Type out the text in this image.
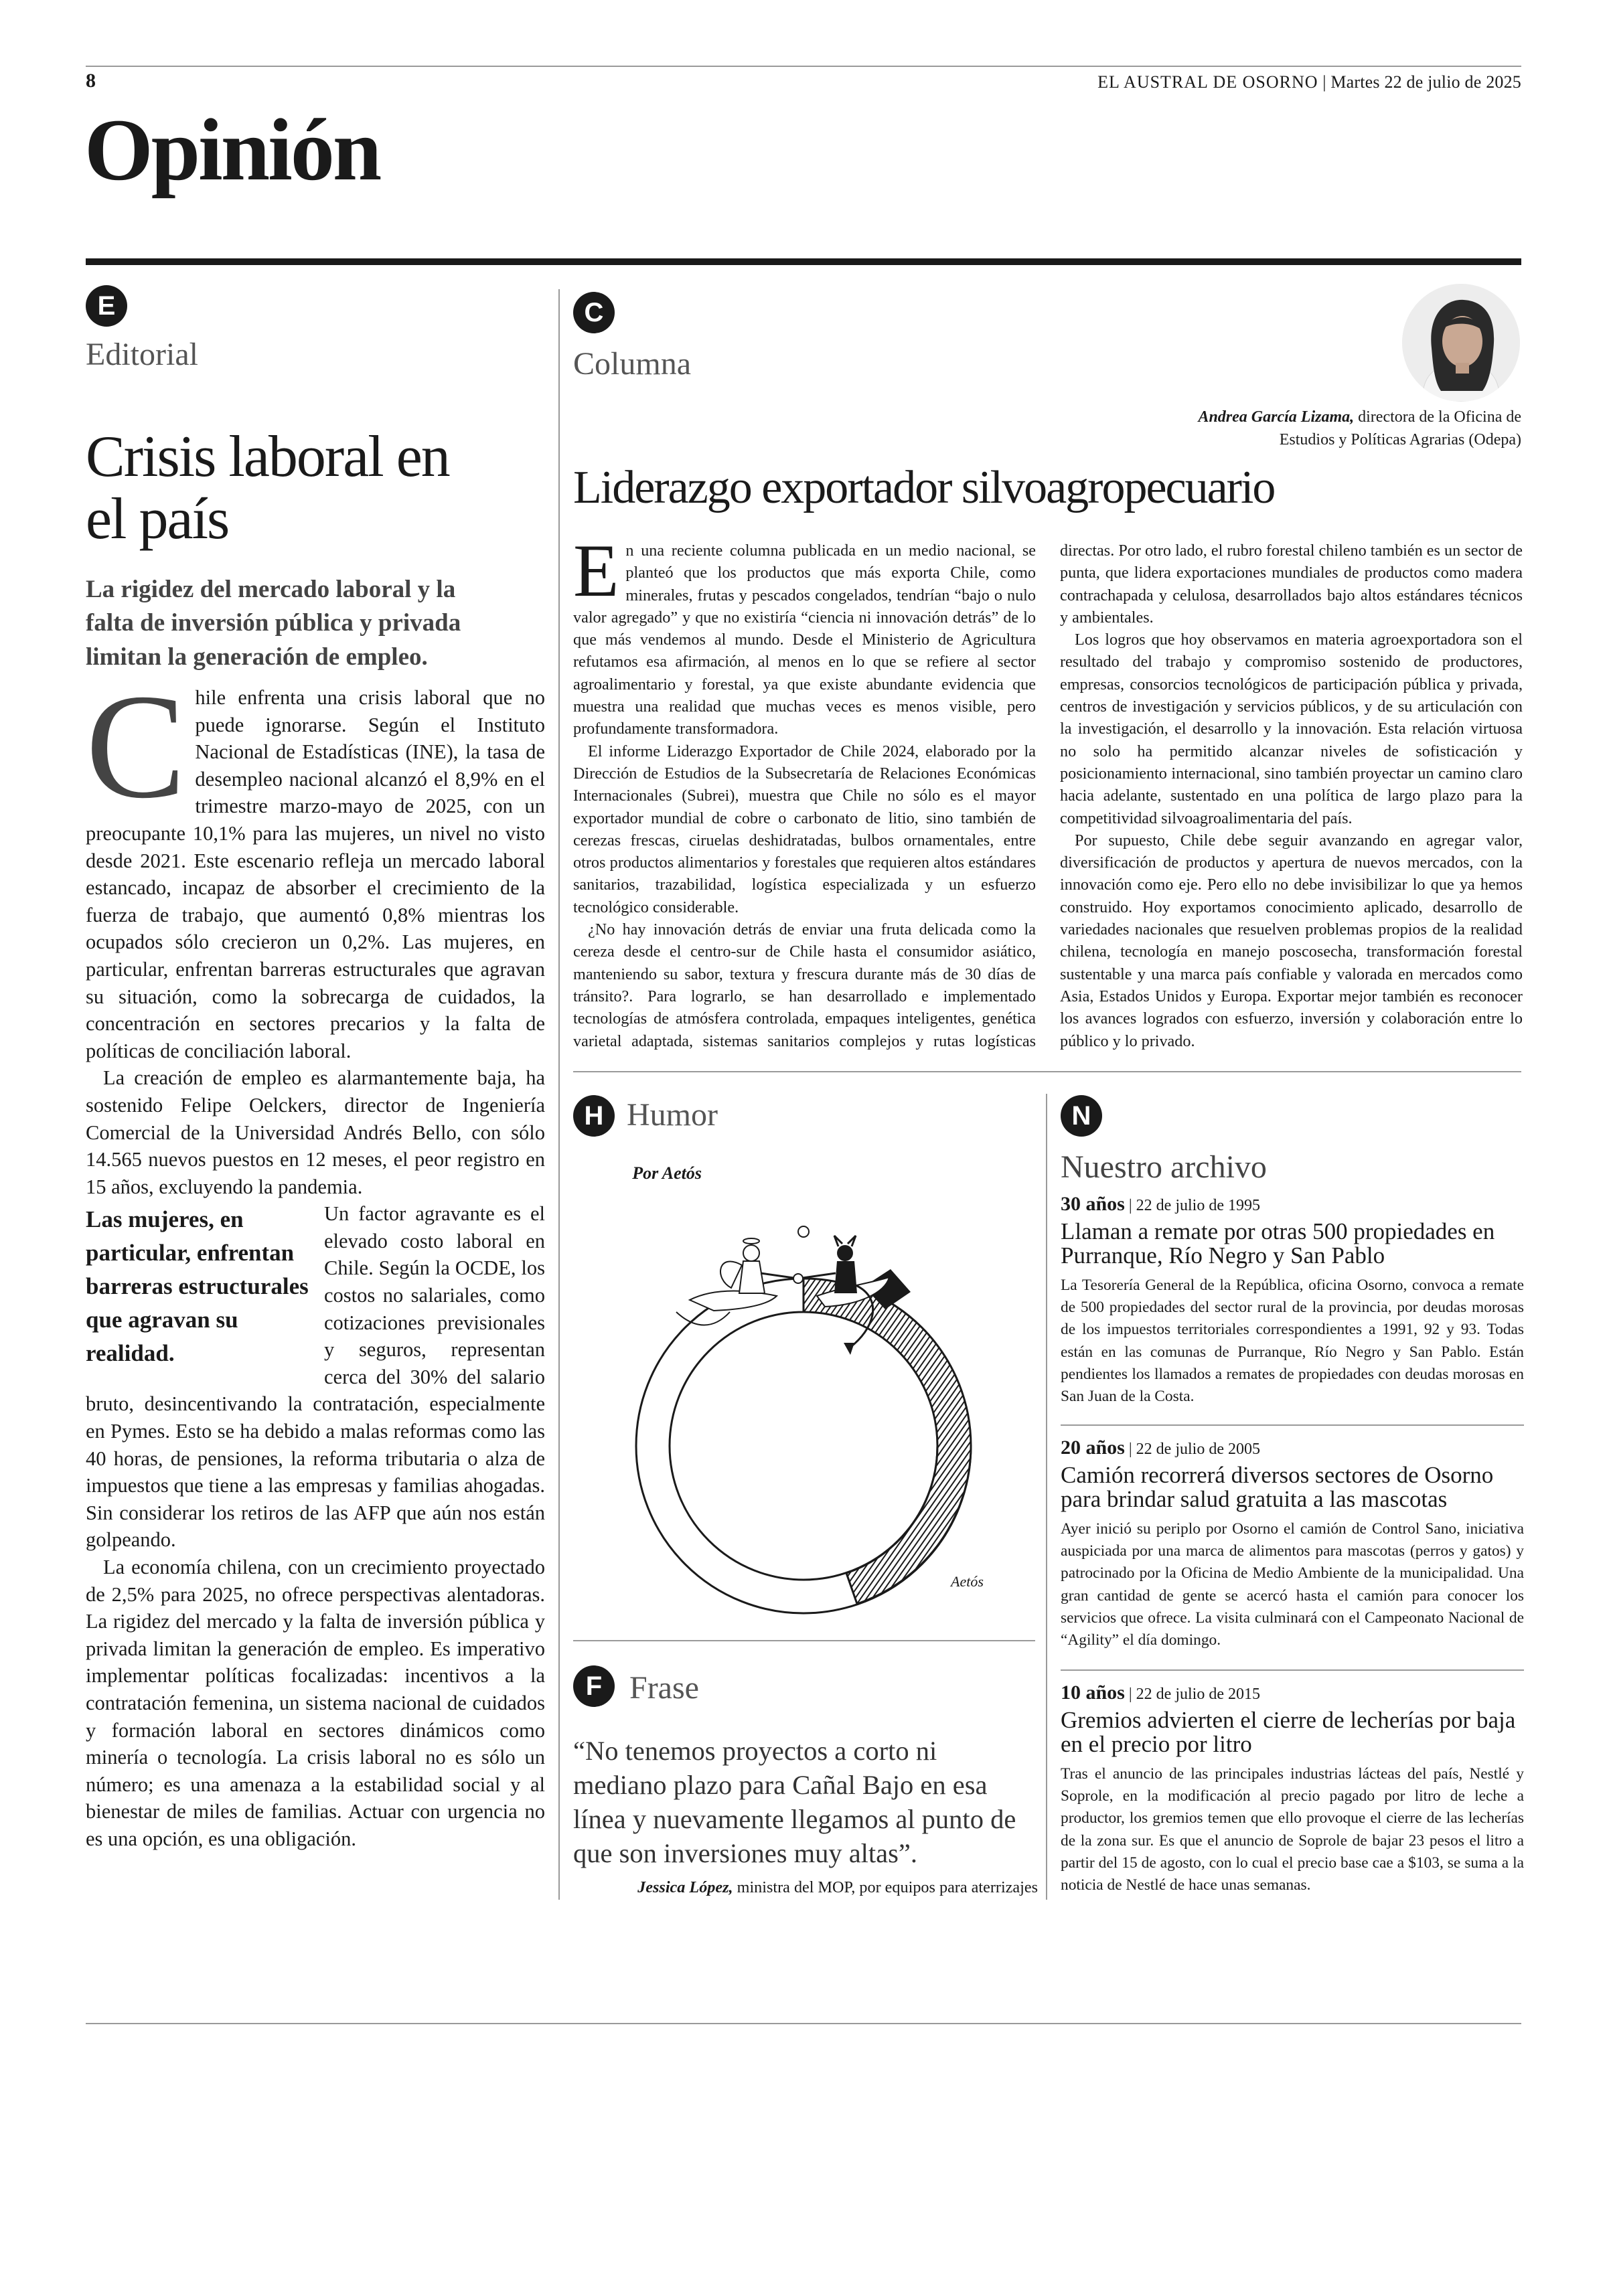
8	EL AUSTRAL DE OSORNO | Martes 22 de julio de 2025
Opinión
E
Editorial
Crisis laboral en el país
La rigidez del mercado laboral y la falta de inversión pública y privada limitan la generación de empleo.
C hile enfrenta una crisis laboral que no puede ignorarse. Según el Instituto Nacional de Estadísticas (INE), la tasa de desempleo nacional alcanzó el 8,9% en el trimestre marzo-mayo de 2025, con un preocupante 10,1% para las mujeres, un nivel no visto desde 2021. Este escenario refleja un mercado laboral estancado, incapaz de absorber el crecimiento de la fuerza de trabajo, que aumentó 0,8% mientras los ocupados sólo crecieron un 0,2%. Las mujeres, en particular, enfrentan barreras estructurales que agravan su situación, como la sobrecarga de cuidados, la concentración en sectores precarios y la falta de políticas de conciliación laboral.

La creación de empleo es alarmantemente baja, ha sostenido Felipe Oelckers, director de Ingeniería Comercial de la Universidad Andrés Bello, con sólo 14.565 nuevos puestos en 12 meses, el peor registro en 15 años, excluyendo la pandemia.

Las mujeres, en particular, enfrentan barreras estructurales que agravan su realidad.

Un factor agravante es el elevado costo laboral en Chile. Según la OCDE, los costos no salariales, como cotizaciones previsionales y seguros, representan cerca del 30% del salario bruto, desincentivando la contratación, especialmente en Pymes. Esto se ha debido a malas reformas como las 40 horas, de pensiones, la reforma tributaria o alza de impuestos que tiene a las empresas y familias ahogadas. Sin considerar los retiros de las AFP que aún nos están golpeando.

La economía chilena, con un crecimiento proyectado de 2,5% para 2025, no ofrece perspectivas alentadoras. La rigidez del mercado y la falta de inversión pública y privada limitan la generación de empleo. Es imperativo implementar políticas focalizadas: incentivos a la contratación femenina, un sistema nacional de cuidados y formación laboral en sectores dinámicos como minería o tecnología. La crisis laboral no es sólo un número; es una amenaza a la estabilidad social y al bienestar de miles de familias. Actuar con urgencia no es una opción, es una obligación.

C
Columna
Andrea García Lizama, directora de la Oficina de Estudios y Políticas Agrarias (Odepa)
Liderazgo exportador silvoagropecuario
E n una reciente columna publicada en un medio nacional, se planteó que los productos que más exporta Chile, como minerales, frutas y pescados congelados, tendrían “bajo o nulo valor agregado” y que no existiría “ciencia ni innovación detrás” de lo que más vendemos al mundo. Desde el Ministerio de Agricultura refutamos esa afirmación, al menos en lo que se refiere al sector agroalimentario y forestal, ya que existe abundante evidencia que muestra una realidad que muchas veces es menos visible, pero profundamente transformadora.

El informe Liderazgo Exportador de Chile 2024, elaborado por la Dirección de Estudios de la Subsecretaría de Relaciones Económicas Internacionales (Subrei), muestra que Chile no sólo es el mayor exportador mundial de cobre o carbonato de litio, sino también de cerezas frescas, ciruelas deshidratadas, bulbos ornamentales, entre otros productos alimentarios y forestales que requieren altos estándares sanitarios, trazabilidad, logística especializada y un esfuerzo tecnológico considerable.

¿No hay innovación detrás de enviar una fruta delicada como la cereza desde el centro-sur de Chile hasta el consumidor asiático, manteniendo su sabor, textura y frescura durante más de 30 días de tránsito?. Para lograrlo, se han desarrollado e implementado tecnologías de atmósfera controlada, empaques inteligentes, genética varietal adaptada, sistemas sanitarios complejos y rutas logísticas directas. Por otro lado, el rubro forestal chileno también es un sector de punta, que lidera exportaciones mundiales de productos como madera contrachapada y celulosa, desarrollados bajo altos estándares técnicos y ambientales.

Los logros que hoy observamos en materia agroexportadora son el resultado del trabajo y compromiso sostenido de productores, empresas, consorcios tecnológicos de participación pública y privada, centros de investigación y servicios públicos, y de su articulación con la investigación, el desarrollo y la innovación. Esta relación virtuosa no solo ha permitido alcanzar niveles de sofisticación y posicionamiento internacional, sino también proyectar un camino claro hacia adelante, sustentado en una política de largo plazo para la competitividad silvoagroalimentaria del país.

Por supuesto, Chile debe seguir avanzando en agregar valor, diversificación de productos y apertura de nuevos mercados, con la innovación como eje. Pero ello no debe invisibilizar lo que ya hemos construido. Hoy exportamos conocimiento aplicado, desarrollo de variedades nacionales que resuelven problemas propios de la realidad chilena, tecnología en manejo poscosecha, transformación forestal sustentable y una marca país confiable y valorada en mercados como Asia, Estados Unidos y Europa. Exportar mejor también es reconocer los avances logrados con esfuerzo, inversión y colaboración entre lo público y lo privado.

H Humor
Por Aetós
Aetós
F Frase
“No tenemos proyectos a corto ni mediano plazo para Cañal Bajo en esa línea y nuevamente llegamos al punto de que son inversiones muy altas”.
Jessica López, ministra del MOP, por equipos para aterrizajes
N
Nuestro archivo
30 años | 22 de julio de 1995
Llaman a remate por otras 500 propiedades en Purranque, Río Negro y San Pablo
La Tesorería General de la República, oficina Osorno, convoca a remate de 500 propiedades del sector rural de la provincia, por deudas morosas de los impuestos territoriales correspondientes a 1991, 92 y 93. Todas están en las comunas de Purranque, Río Negro y San Pablo. Están pendientes los llamados a remates de propiedades con deudas morosas en San Juan de la Costa.
20 años | 22 de julio de 2005
Camión recorrerá diversos sectores de Osorno para brindar salud gratuita a las mascotas
Ayer inició su periplo por Osorno el camión de Control Sano, iniciativa auspiciada por una marca de alimentos para mascotas (perros y gatos) y patrocinado por la Oficina de Medio Ambiente de la municipalidad. Una gran cantidad de gente se acercó hasta el camión para conocer los servicios que ofrece. La visita culminará con el Campeonato Nacional de “Agility” el día domingo.
10 años | 22 de julio de 2015
Gremios advierten el cierre de lecherías por baja en el precio por litro
Tras el anuncio de las principales industrias lácteas del país, Nestlé y Soprole, en la modificación al precio pagado por litro de leche a productor, los gremios temen que ello provoque el cierre de las lecherías de la zona sur. Es que el anuncio de Soprole de bajar 23 pesos el litro a partir del 15 de agosto, con lo cual el precio base cae a $103, se suma a la noticia de Nestlé de hace unas semanas.
